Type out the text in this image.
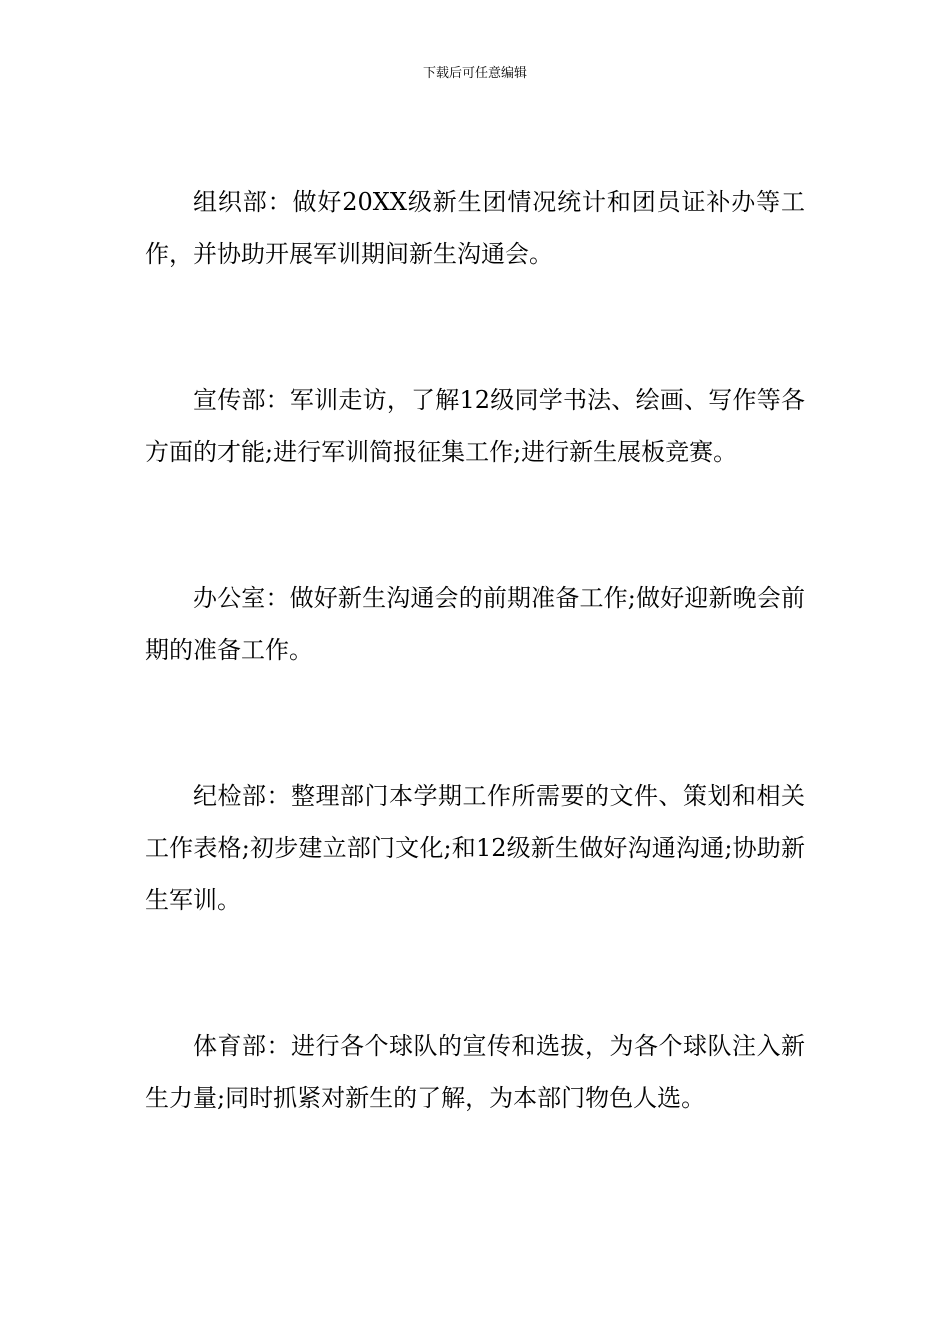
下载后可任意编辑

组织部：做好20XX级新生团情况统计和团员证补办等工作，并协助开展军训期间新生沟通会。

宣传部：军训走访，了解12级同学书法、绘画、写作等各方面的才能;进行军训简报征集工作;进行新生展板竞赛。

办公室：做好新生沟通会的前期准备工作;做好迎新晚会前期的准备工作。

纪检部：整理部门本学期工作所需要的文件、策划和相关工作表格;初步建立部门文化;和12级新生做好沟通沟通;协助新生军训。

体育部：进行各个球队的宣传和选拔，为各个球队注入新生力量;同时抓紧对新生的了解，为本部门物色人选。
